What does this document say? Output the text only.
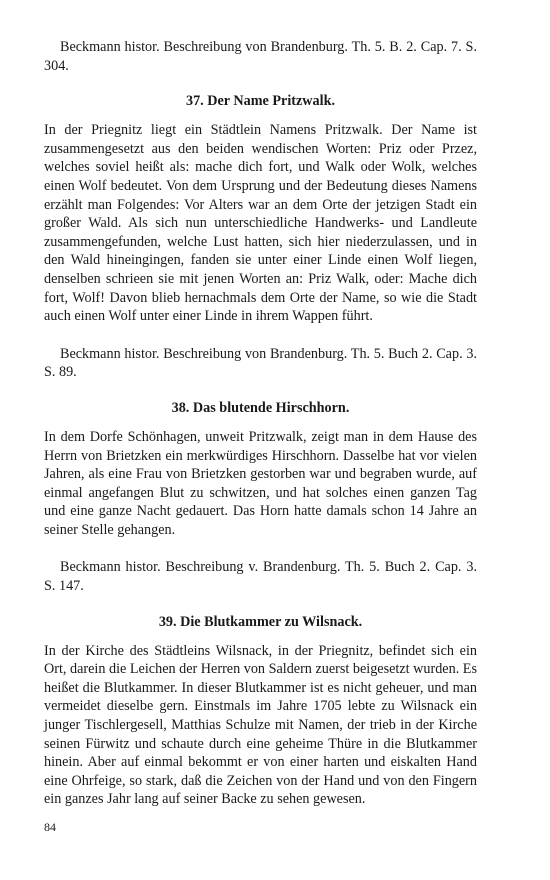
Beckmann histor. Beschreibung von Brandenburg. Th. 5. B. 2. Cap. 7. S. 304.

37. Der Name Pritzwalk.

In der Priegnitz liegt ein Städtlein Namens Pritzwalk. Der Name ist zusammengesetzt aus den beiden wendischen Worten: Priz oder Przez, welches soviel heißt als: mache dich fort, und Walk oder Wolk, welches einen Wolf bedeutet. Von dem Ursprung und der Bedeutung dieses Namens erzählt man Folgendes: Vor Alters war an dem Orte der jetzigen Stadt ein großer Wald. Als sich nun unterschiedliche Handwerks- und Landleute zusammengefunden, welche Lust hatten, sich hier niederzulassen, und in den Wald hineingingen, fanden sie unter einer Linde einen Wolf liegen, denselben schrieen sie mit jenen Worten an: Priz Walk, oder: Mache dich fort, Wolf! Davon blieb hernachmals dem Orte der Name, so wie die Stadt auch einen Wolf unter einer Linde in ihrem Wappen führt.

Beckmann histor. Beschreibung von Brandenburg. Th. 5. Buch 2. Cap. 3. S. 89.

38. Das blutende Hirschhorn.

In dem Dorfe Schönhagen, unweit Pritzwalk, zeigt man in dem Hause des Herrn von Brietzken ein merkwürdiges Hirschhorn. Dasselbe hat vor vielen Jahren, als eine Frau von Brietzken gestorben war und begraben wurde, auf einmal angefangen Blut zu schwitzen, und hat solches einen ganzen Tag und eine ganze Nacht gedauert. Das Horn hatte damals schon 14 Jahre an seiner Stelle gehangen.

Beckmann histor. Beschreibung v. Brandenburg. Th. 5. Buch 2. Cap. 3. S. 147.

39. Die Blutkammer zu Wilsnack.

In der Kirche des Städtleins Wilsnack, in der Priegnitz, befindet sich ein Ort, darein die Leichen der Herren von Saldern zuerst beigesetzt wurden. Es heißet die Blutkammer. In dieser Blutkammer ist es nicht geheuer, und man vermeidet dieselbe gern. Einstmals im Jahre 1705 lebte zu Wilsnack ein junger Tischlergesell, Matthias Schulze mit Namen, der trieb in der Kirche seinen Fürwitz und schaute durch eine geheime Thüre in die Blutkammer hinein. Aber auf einmal bekommt er von einer harten und eiskalten Hand eine Ohrfeige, so stark, daß die Zeichen von der Hand und von den Fingern ein ganzes Jahr lang auf seiner Backe zu sehen gewesen.

84
